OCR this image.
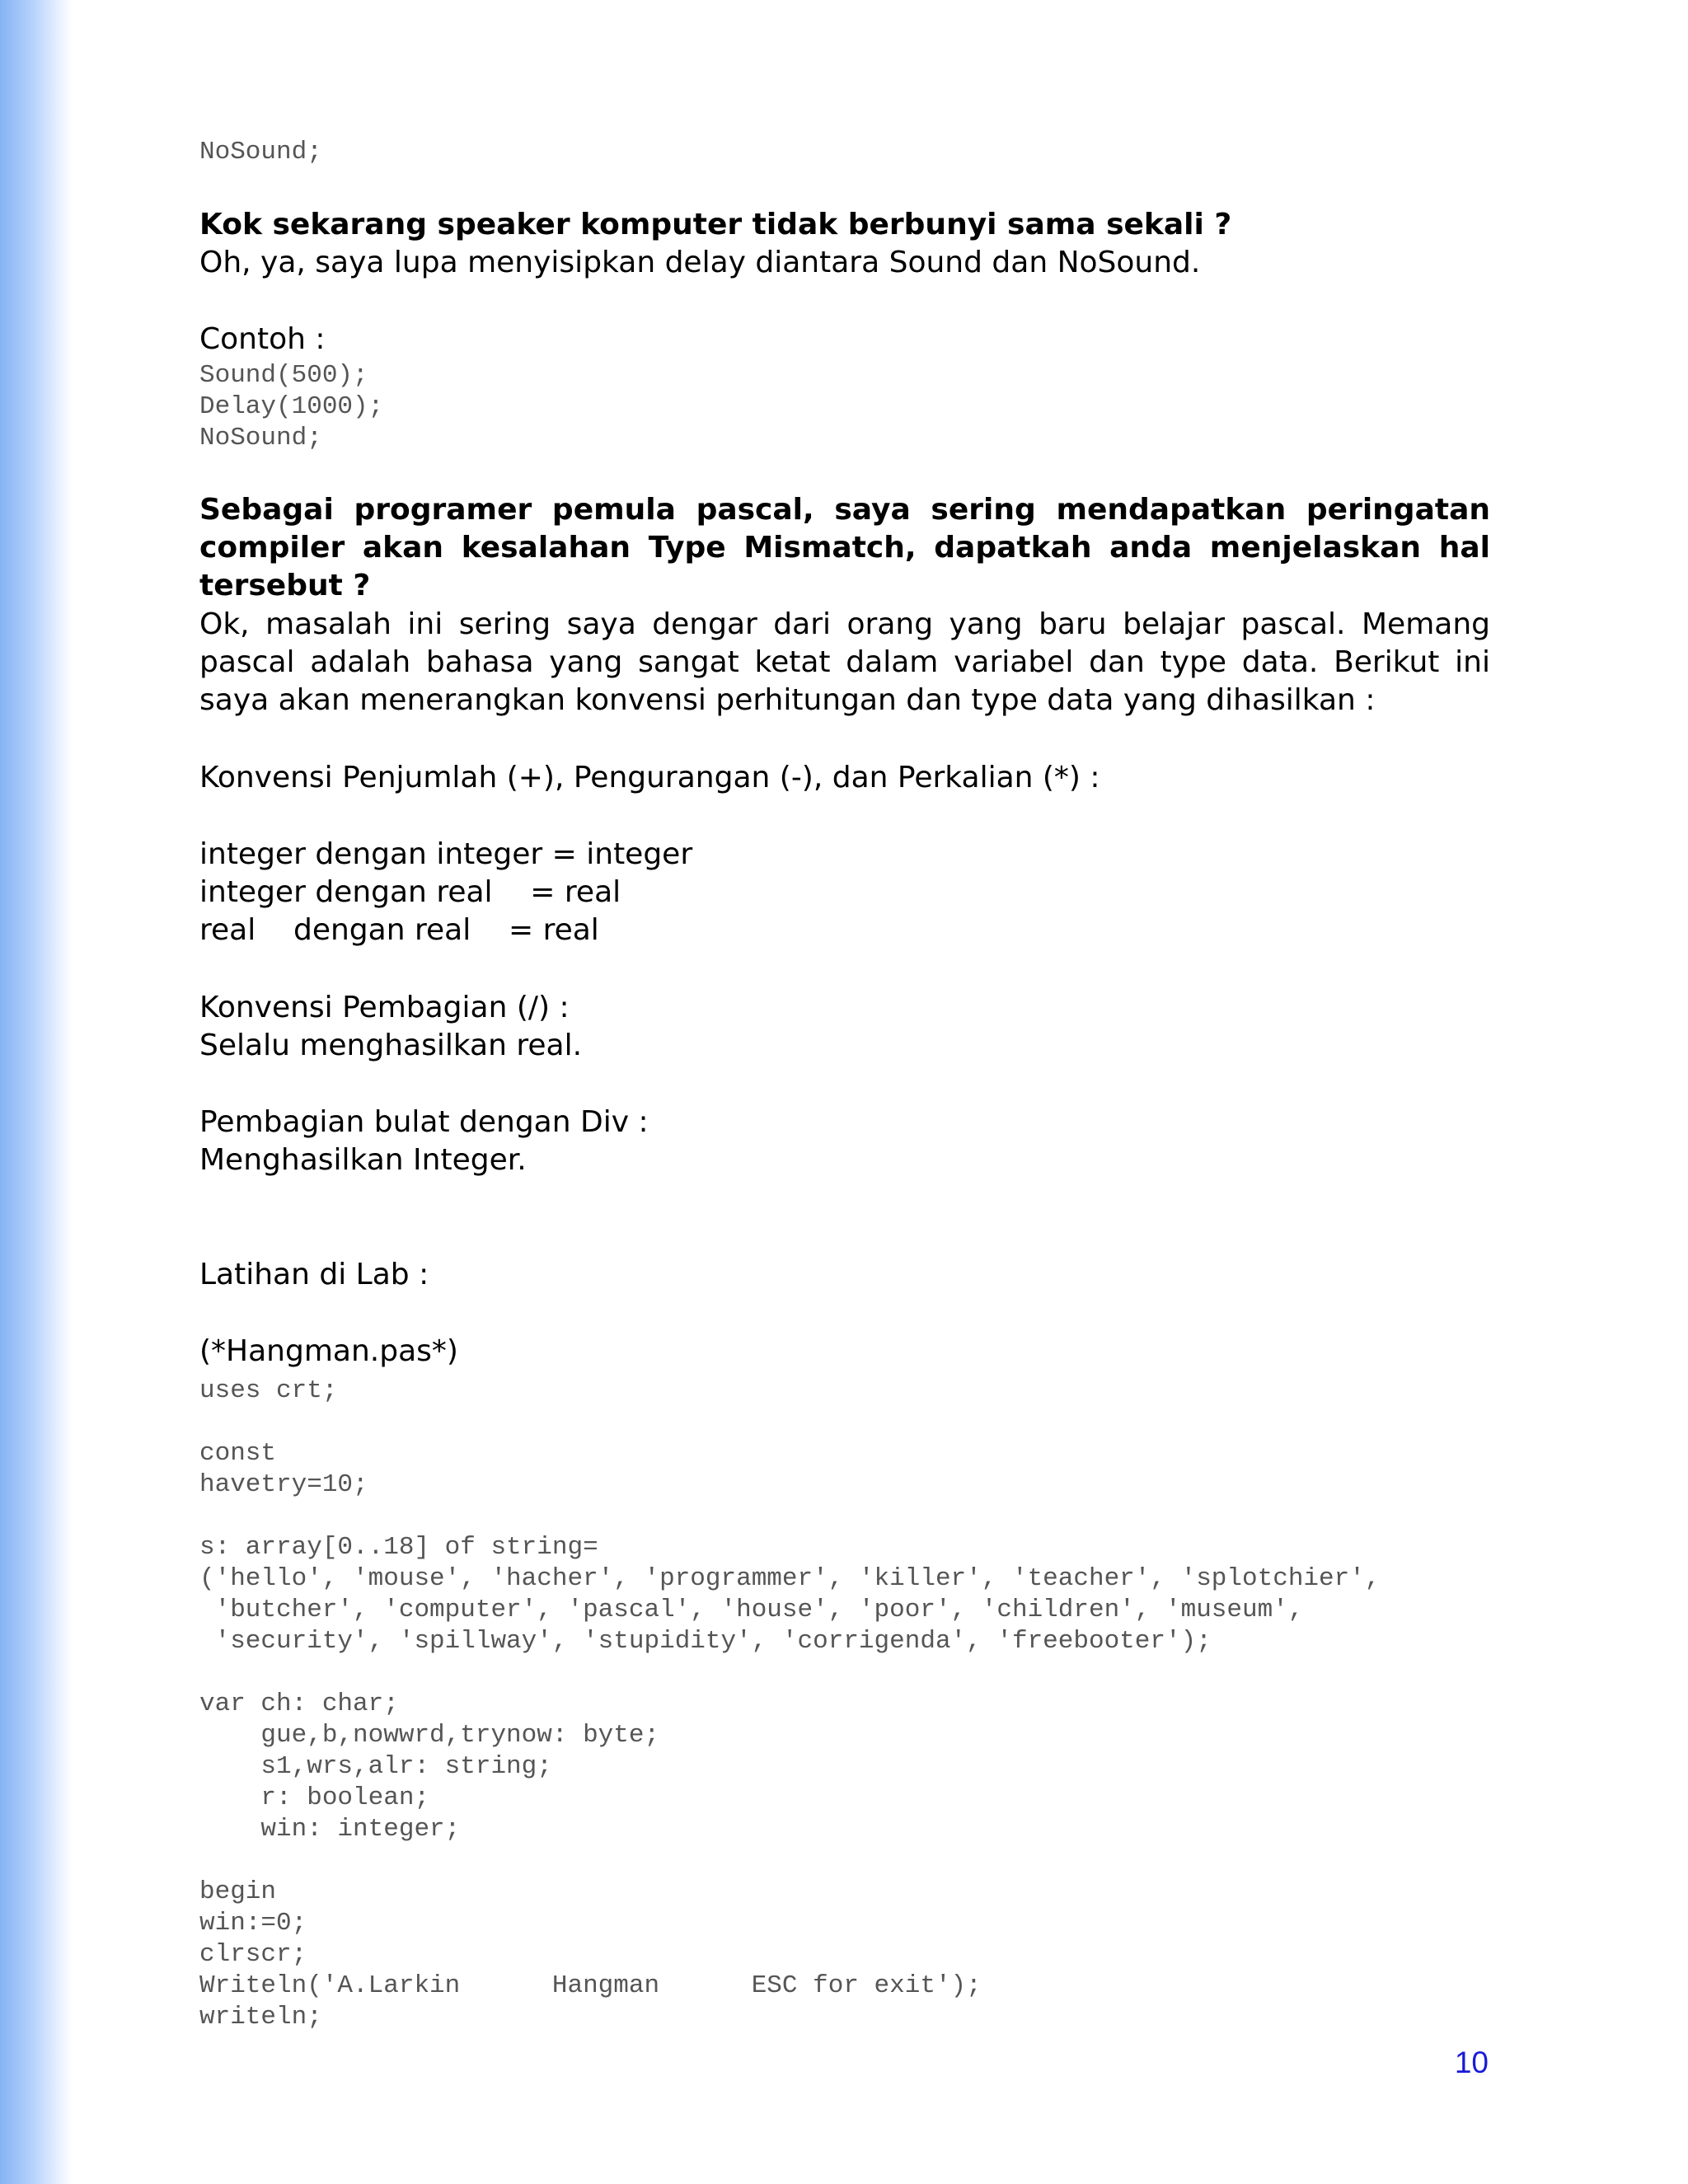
NoSound;

Kok sekarang speaker komputer tidak berbunyi sama sekali ?

Oh, ya, saya lupa menyisipkan delay diantara Sound dan NoSound.

Contoh :

Sound(500);

Delay(1000);

NoSound;

Sebagai programer pemula pascal, saya sering mendapatkan peringatan compiler akan kesalahan Type Mismatch, dapatkah anda menjelaskan hal tersebut ?

Ok, masalah ini sering saya dengar dari orang yang baru belajar pascal. Memang pascal adalah bahasa yang sangat ketat dalam variabel dan type data. Berikut ini saya akan menerangkan konvensi perhitungan dan type data yang dihasilkan :

Konvensi Penjumlah (+), Pengurangan (-), dan Perkalian (*) :

integer dengan integer = integer

integer dengan real    = real

real    dengan real    = real

Konvensi Pembagian (/) :

Selalu menghasilkan real.

Pembagian bulat dengan Div :

Menghasilkan Integer.

Latihan di Lab :

(*Hangman.pas*)

uses crt;

const

havetry=10;

s: array[0..18] of string=

('hello', 'mouse', 'hacher', 'programmer', 'killer', 'teacher', 'splotchier',

'butcher', 'computer', 'pascal', 'house', 'poor', 'children', 'museum',

'security', 'spillway', 'stupidity', 'corrigenda', 'freebooter');

var ch: char;

gue,b,nowwrd,trynow: byte;

s1,wrs,alr: string;

r: boolean;

win: integer;

begin

win:=0;

clrscr;

Writeln('A.Larkin      Hangman      ESC for exit');

writeln;

10
